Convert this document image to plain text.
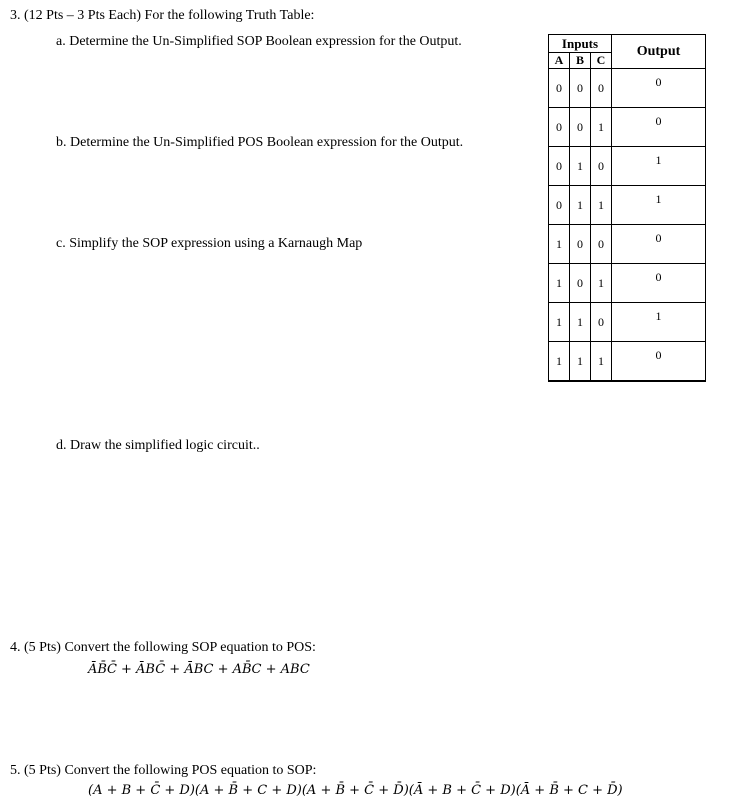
3. (12 Pts – 3 Pts Each) For the following Truth Table:
a. Determine the Un-Simplified SOP Boolean expression for the Output.
b. Determine the Un-Simplified POS Boolean expression for the Output.
c. Simplify the SOP expression using a Karnaugh Map
d. Draw the simplified logic circuit..
Inputs			Output
A	B	C	
0	0	0	0
0	0	1	0
0	1	0	1
0	1	1	1
1	0	0	0
1	0	1	0
1	1	0	1
1	1	1	0
4. (5 Pts) Convert the following SOP equation to POS:
ĀB̄C̄ + ĀBC̄ + ĀBC + AB̄C + ABC
5. (5 Pts) Convert the following POS equation to SOP:
(A + B + C̄ + D)(A + B̄ + C + D)(A + B̄ + C̄ + D̄)(Ā + B + C̄ + D)(Ā + B̄ + C + D̄)
